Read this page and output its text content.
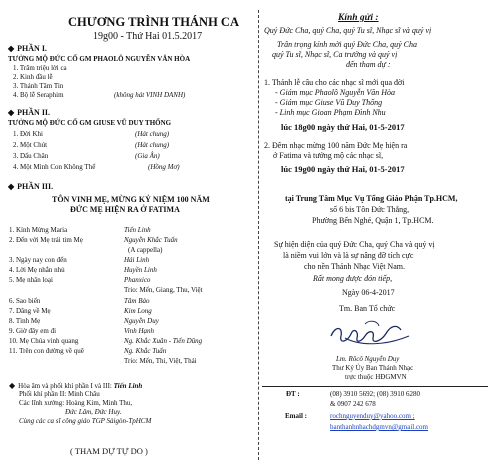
CHƯƠNG TRÌNH THÁNH CA
19g00 - Thứ Hai 01.5.2017
◆ PHẦN I.
TƯỞNG MỘ ĐỨC CỐ GM PHAOLÔ NGUYỄN VĂN HÒA
1. Trăm triệu lời ca
2. Kinh đầu lễ
3. Thánh Tâm Tin
4. Bộ lễ Seraphim	(không hát VINH DANH)
◆ PHẦN II.
TƯỞNG MỘ ĐỨC CỐ GM GIUSE VŨ DUY THỐNG
1. Đời Khi	(Hát chung)
2. Một Chút	(Hát chung)
3. Dấu Chân	(Gia Ân)
4. Một Mình Con Không Thể	(Hồng Mơ)
◆ PHẦN III.
TÔN VINH MẸ, MỪNG KỶ NIỆM 100 NĂM
ĐỨC MẸ HIỆN RA Ở FATIMA
1. Kính Mừng Maria	Tiến Linh
2. Đến với Mẹ trái tim Mẹ	Nguyễn Khắc Tuấn
(A cappella)
3. Ngày nay con đến	Hải Linh
4. Lời Mẹ nhắn nhủ	Huyền Linh
5. Mẹ nhân loại	Phanxico
Trio: Mến, Giang, Thu, Việt
6. Sao biển	Tâm Bảo
7. Dâng về Mẹ	Kim Long
8. Tình Mẹ	Nguyễn Duy
9. Giờ đây em đi	Vinh Hạnh
10. Mẹ Chúa vinh quang	Ng. Khắc Xuân - Tiến Dũng
11. Trên con đường về quê	Ng. Khắc Tuấn
Trio: Mến, Thi, Việt, Thái
◆ Hòa âm và phối khí phần I và III: Tiến Linh
Phối khí phần II: Minh Châu
Các lĩnh xướng: Hoàng Kim, Minh Thu,
Đức Lâm, Đức Huy.
Cùng các ca sĩ công giáo TGP Sàigòn-TpHCM
( THAM DỰ TỰ DO )
Kính gửi :
Quý Đức Cha, quý Cha, quý Tu sĩ, Nhạc sĩ và quý vị
Trân trọng kính mời quý Đức Cha, quý Cha
quý Tu sĩ, Nhạc sĩ, Ca trưởng và quý vị
đến tham dự :
1. Thánh lễ câu cho các nhạc sĩ mới qua đời
- Giám mục Phaolô Nguyễn Văn Hòa
- Giám mục Giuse Vũ Duy Thống
- Linh mục Gioan Phạm Đình Nhu
lúc 18g00 ngày thứ Hai, 01-5-2017
2. Đêm nhạc mừng 100 năm Đức Mẹ hiện ra
ở Fatima và tưởng mộ các nhạc sĩ,
lúc 19g00 ngày thứ Hai, 01-5-2017
tại Trung Tâm Mục Vụ Tổng Giáo Phận Tp.HCM,
số 6 bis Tôn Đức Thắng,
Phường Bến Nghé, Quận 1, Tp.HCM.
Sự hiện diện của quý Đức Cha, quý Cha và quý vị
là niềm vui lớn và là sự nâng đỡ tích cực
cho nền Thánh Nhạc Việt Nam.
Rất mong được đón tiếp,
Ngày 06-4-2017
Tm. Ban Tổ chức
Lm. Rôcô Nguyễn Duy
Thư Ký Ủy Ban Thánh Nhạc
trực thuộc HĐGMVN
ĐT :	(08) 3910 5692; (08) 3910 6280
& 0907 242 678
Email :	rochnguyenduy@yahoo.com ;
banthanhnhachdgmvn@gmail.com
